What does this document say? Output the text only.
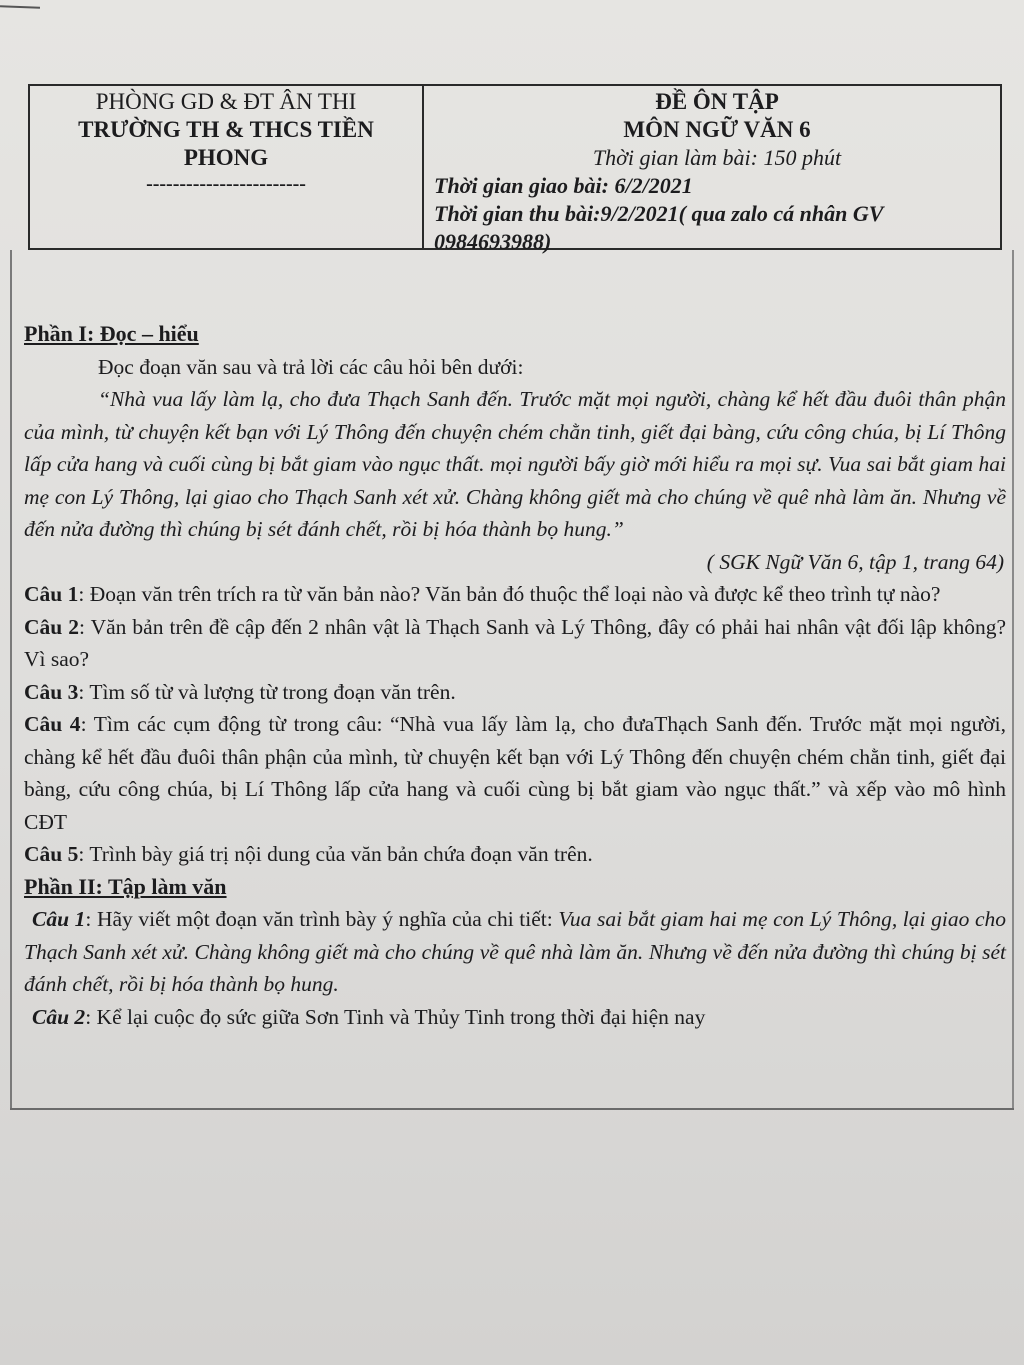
PHÒNG GD & ĐT ÂN THI
TRƯỜNG TH & THCS TIỀN
PHONG
------------------------
ĐỀ ÔN TẬP
MÔN NGỮ VĂN 6
Thời gian làm bài: 150 phút
Thời gian giao bài: 6/2/2021
Thời gian thu bài:9/2/2021( qua zalo cá nhân GV
0984693988)
Phần I: Đọc – hiểu
Đọc đoạn văn sau và trả lời các câu hỏi bên dưới:
“Nhà vua lấy làm lạ, cho đưa Thạch Sanh đến. Trước mặt mọi người, chàng kể hết đầu đuôi thân phận của mình, từ chuyện kết bạn với Lý Thông đến chuyện chém chằn tinh, giết đại bàng, cứu công chúa, bị Lí Thông lấp cửa hang và cuối cùng bị bắt giam vào ngục thất. mọi người bấy giờ mới hiểu ra mọi sự. Vua sai bắt giam hai mẹ con Lý Thông, lại giao cho Thạch Sanh xét xử. Chàng không giết mà cho chúng về quê nhà làm ăn. Nhưng về đến nửa đường thì chúng bị sét đánh chết, rồi bị hóa thành bọ hung.”
( SGK Ngữ Văn 6, tập 1, trang 64)
Câu 1: Đoạn văn trên trích ra từ văn bản nào? Văn bản đó thuộc thể loại nào và được kể theo trình tự nào?
Câu 2: Văn bản trên đề cập đến 2 nhân vật là Thạch Sanh và Lý Thông, đây có phải hai nhân vật đối lập không? Vì sao?
Câu 3: Tìm số từ và lượng từ trong đoạn văn trên.
Câu 4: Tìm các cụm động từ trong câu: “Nhà vua lấy làm lạ, cho đưaThạch Sanh đến. Trước mặt mọi người, chàng kể hết đầu đuôi thân phận của mình, từ chuyện kết bạn với Lý Thông đến chuyện chém chằn tinh, giết đại bàng, cứu công chúa, bị Lí Thông lấp cửa hang và cuối cùng bị bắt giam vào ngục thất.” và xếp vào mô hình CĐT
Câu 5: Trình bày giá trị nội dung của văn bản chứa đoạn văn trên.
Phần II: Tập làm văn
Câu 1: Hãy viết một đoạn văn trình bày ý nghĩa của chi tiết: Vua sai bắt giam hai mẹ con Lý Thông, lại giao cho Thạch Sanh xét xử. Chàng không giết mà cho chúng về quê nhà làm ăn. Nhưng về đến nửa đường thì chúng bị sét đánh chết, rồi bị hóa thành bọ hung.
Câu 2: Kể lại cuộc đọ sức giữa Sơn Tinh và Thủy Tinh trong thời đại hiện nay
